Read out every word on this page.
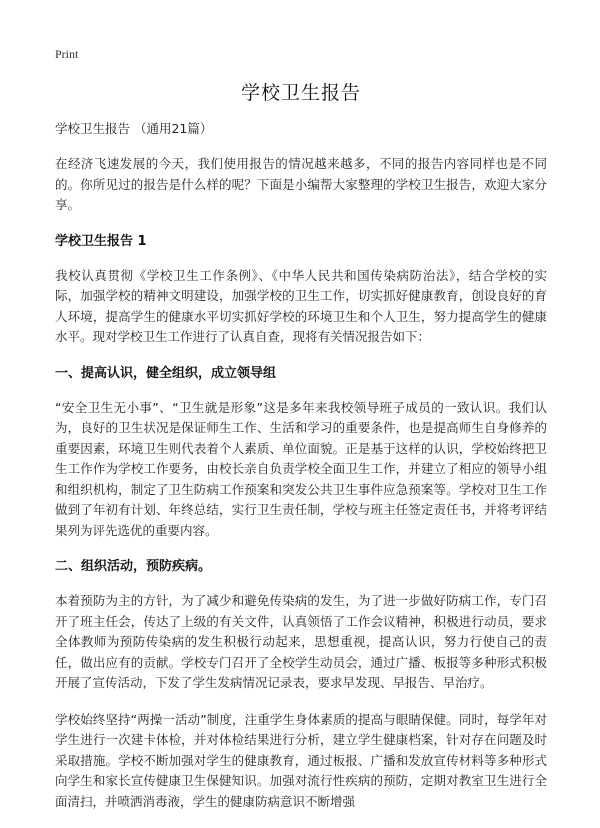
Print
学校卫生报告
学校卫生报告 （通用21篇）

在经济飞速发展的今天，我们使用报告的情况越来越多，不同的报告内容同样也是不同的。你所见过的报告是什么样的呢？下面是小编帮大家整理的学校卫生报告，欢迎大家分享。

学校卫生报告 1

我校认真贯彻《学校卫生工作条例》、《中华人民共和国传染病防治法》，结合学校的实际，加强学校的精神文明建设，加强学校的卫生工作，切实抓好健康教育，创设良好的育人环境，提高学生的健康水平切实抓好学校的环境卫生和个人卫生，努力提高学生的健康水平。现对学校卫生工作进行了认真自查，现将有关情况报告如下：

一、提高认识，健全组织，成立领导组

“安全卫生无小事”、“卫生就是形象”这是多年来我校领导班子成员的一致认识。我们认为，良好的卫生状况是保证师生工作、生活和学习的重要条件，也是提高师生自身修养的重要因素，环境卫生则代表着个人素质、单位面貌。正是基于这样的认识，学校始终把卫生工作作为学校工作要务，由校长亲自负责学校全面卫生工作，并建立了相应的领导小组和组织机构，制定了卫生防病工作预案和突发公共卫生事件应急预案等。学校对卫生工作做到了年初有计划、年终总结，实行卫生责任制，学校与班主任签定责任书，并将考评结果列为评先选优的重要内容。

二、组织活动，预防疾病。

本着预防为主的方针，为了减少和避免传染病的发生，为了进一步做好防病工作，专门召开了班主任会，传达了上级的有关文件，认真领悟了工作会议精神，积极进行动员，要求全体教师为预防传染病的发生积极行动起来，思想重视，提高认识，努力行使自己的责任，做出应有的贡献。学校专门召开了全校学生动员会，通过广播、板报等多种形式积极开展了宣传活动，下发了学生发病情况记录表，要求早发现、早报告、早治疗。

学校始终坚持“两操一活动”制度，注重学生身体素质的提高与眼睛保健。同时，每学年对学生进行一次建卡体检，并对体检结果进行分析，建立学生健康档案，针对存在问题及时采取措施。学校不断加强对学生的健康教育，通过板报、广播和发放宣传材料等多种形式向学生和家长宣传健康卫生保健知识。加强对流行性疾病的预防，定期对教室卫生进行全面清扫，并喷洒消毒液，学生的健康防病意识不断增强
